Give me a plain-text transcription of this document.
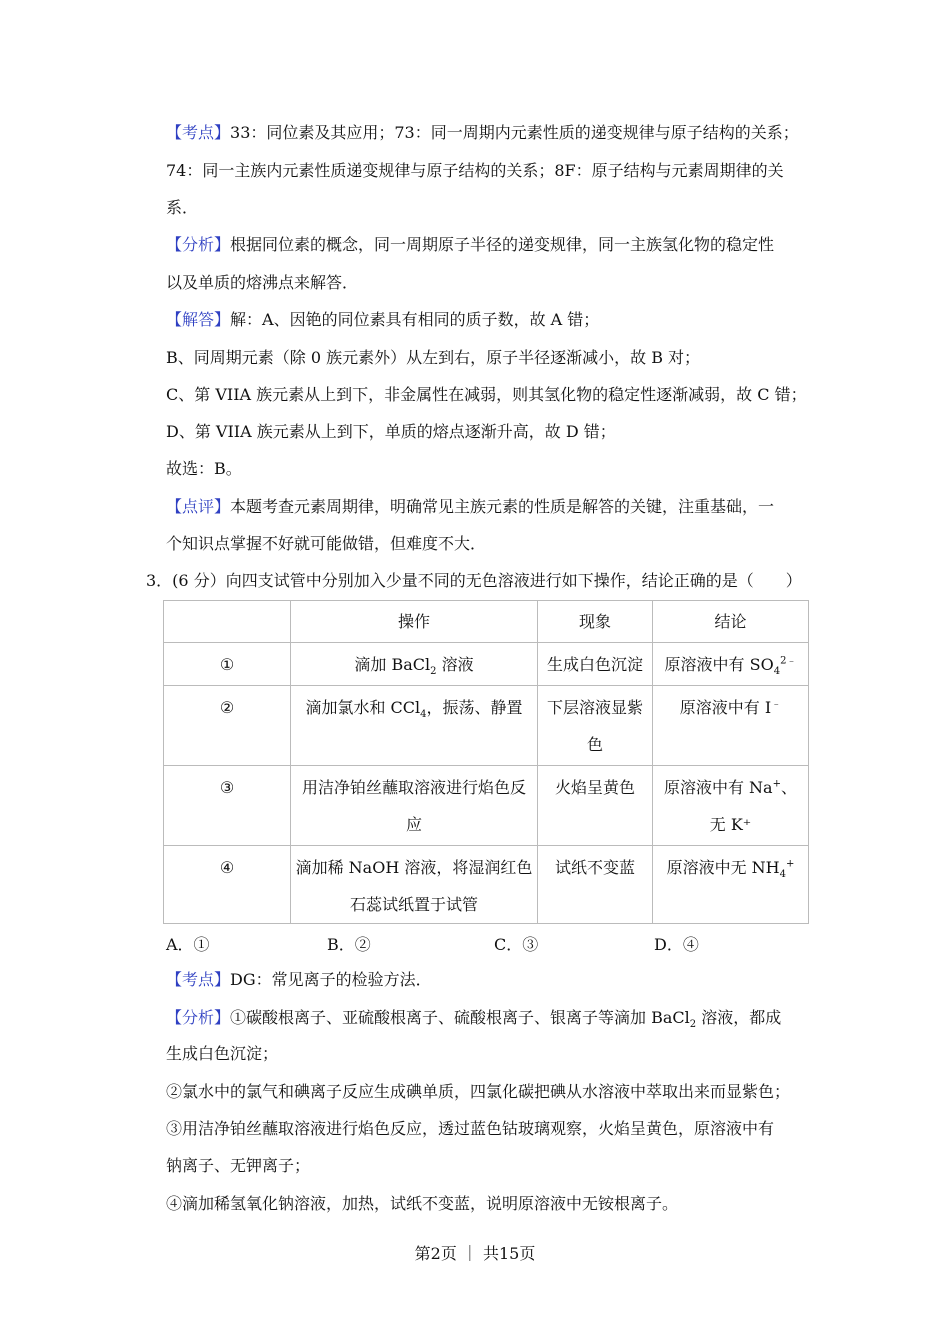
【考点】33：同位素及其应用；73：同一周期内元素性质的递变规律与原子结构的关系；
74：同一主族内元素性质递变规律与原子结构的关系；8F：原子结构与元素周期律的关
系．
【分析】根据同位素的概念，同一周期原子半径的递变规律，同一主族氢化物的稳定性
以及单质的熔沸点来解答．
【解答】解：A、因铯的同位素具有相同的质子数，故 A 错；
B、同周期元素（除 0 族元素外）从左到右，原子半径逐渐减小，故 B 对；
C、第 VIIA 族元素从上到下，非金属性在减弱，则其氢化物的稳定性逐渐减弱，故 C 错；
D、第 VIIA 族元素从上到下，单质的熔点逐渐升高，故 D 错；
故选：B。
【点评】本题考查元素周期律，明确常见主族元素的性质是解答的关键，注重基础，一
个知识点掌握不好就可能做错，但难度不大．
3．(6 分）向四支试管中分别加入少量不同的无色溶液进行如下操作，结论正确的是（　　）
	操作	现象	结论
①	滴加 BaCl$_2$ 溶液	生成白色沉淀	原溶液中有 $SO_4^{2﹣}$
②	滴加氯水和 CCl$_4$，振荡、静置	下层溶液显紫色	原溶液中有 I﹣
③	用洁净铂丝蘸取溶液进行焰色反应	火焰呈黄色	原溶液中有 Na+、无 K⁺
④	滴加稀 NaOH 溶液，将湿润红色石蕊试纸置于试管	试纸不变蓝	原溶液中无 $NH_4^+$
A．①	B．②	C．③	D．④
【考点】DG：常见离子的检验方法．
【分析】①碳酸根离子、亚硫酸根离子、硫酸根离子、银离子等滴加 BaCl$_2$ 溶液，都成
生成白色沉淀；
②氯水中的氯气和碘离子反应生成碘单质，四氯化碳把碘从水溶液中萃取出来而显紫色；
③用洁净铂丝蘸取溶液进行焰色反应，透过蓝色钴玻璃观察，火焰呈黄色，原溶液中有
钠离子、无钾离子；
④滴加稀氢氧化钠溶液，加热，试纸不变蓝，说明原溶液中无铵根离子。
第2页 ｜ 共15页
